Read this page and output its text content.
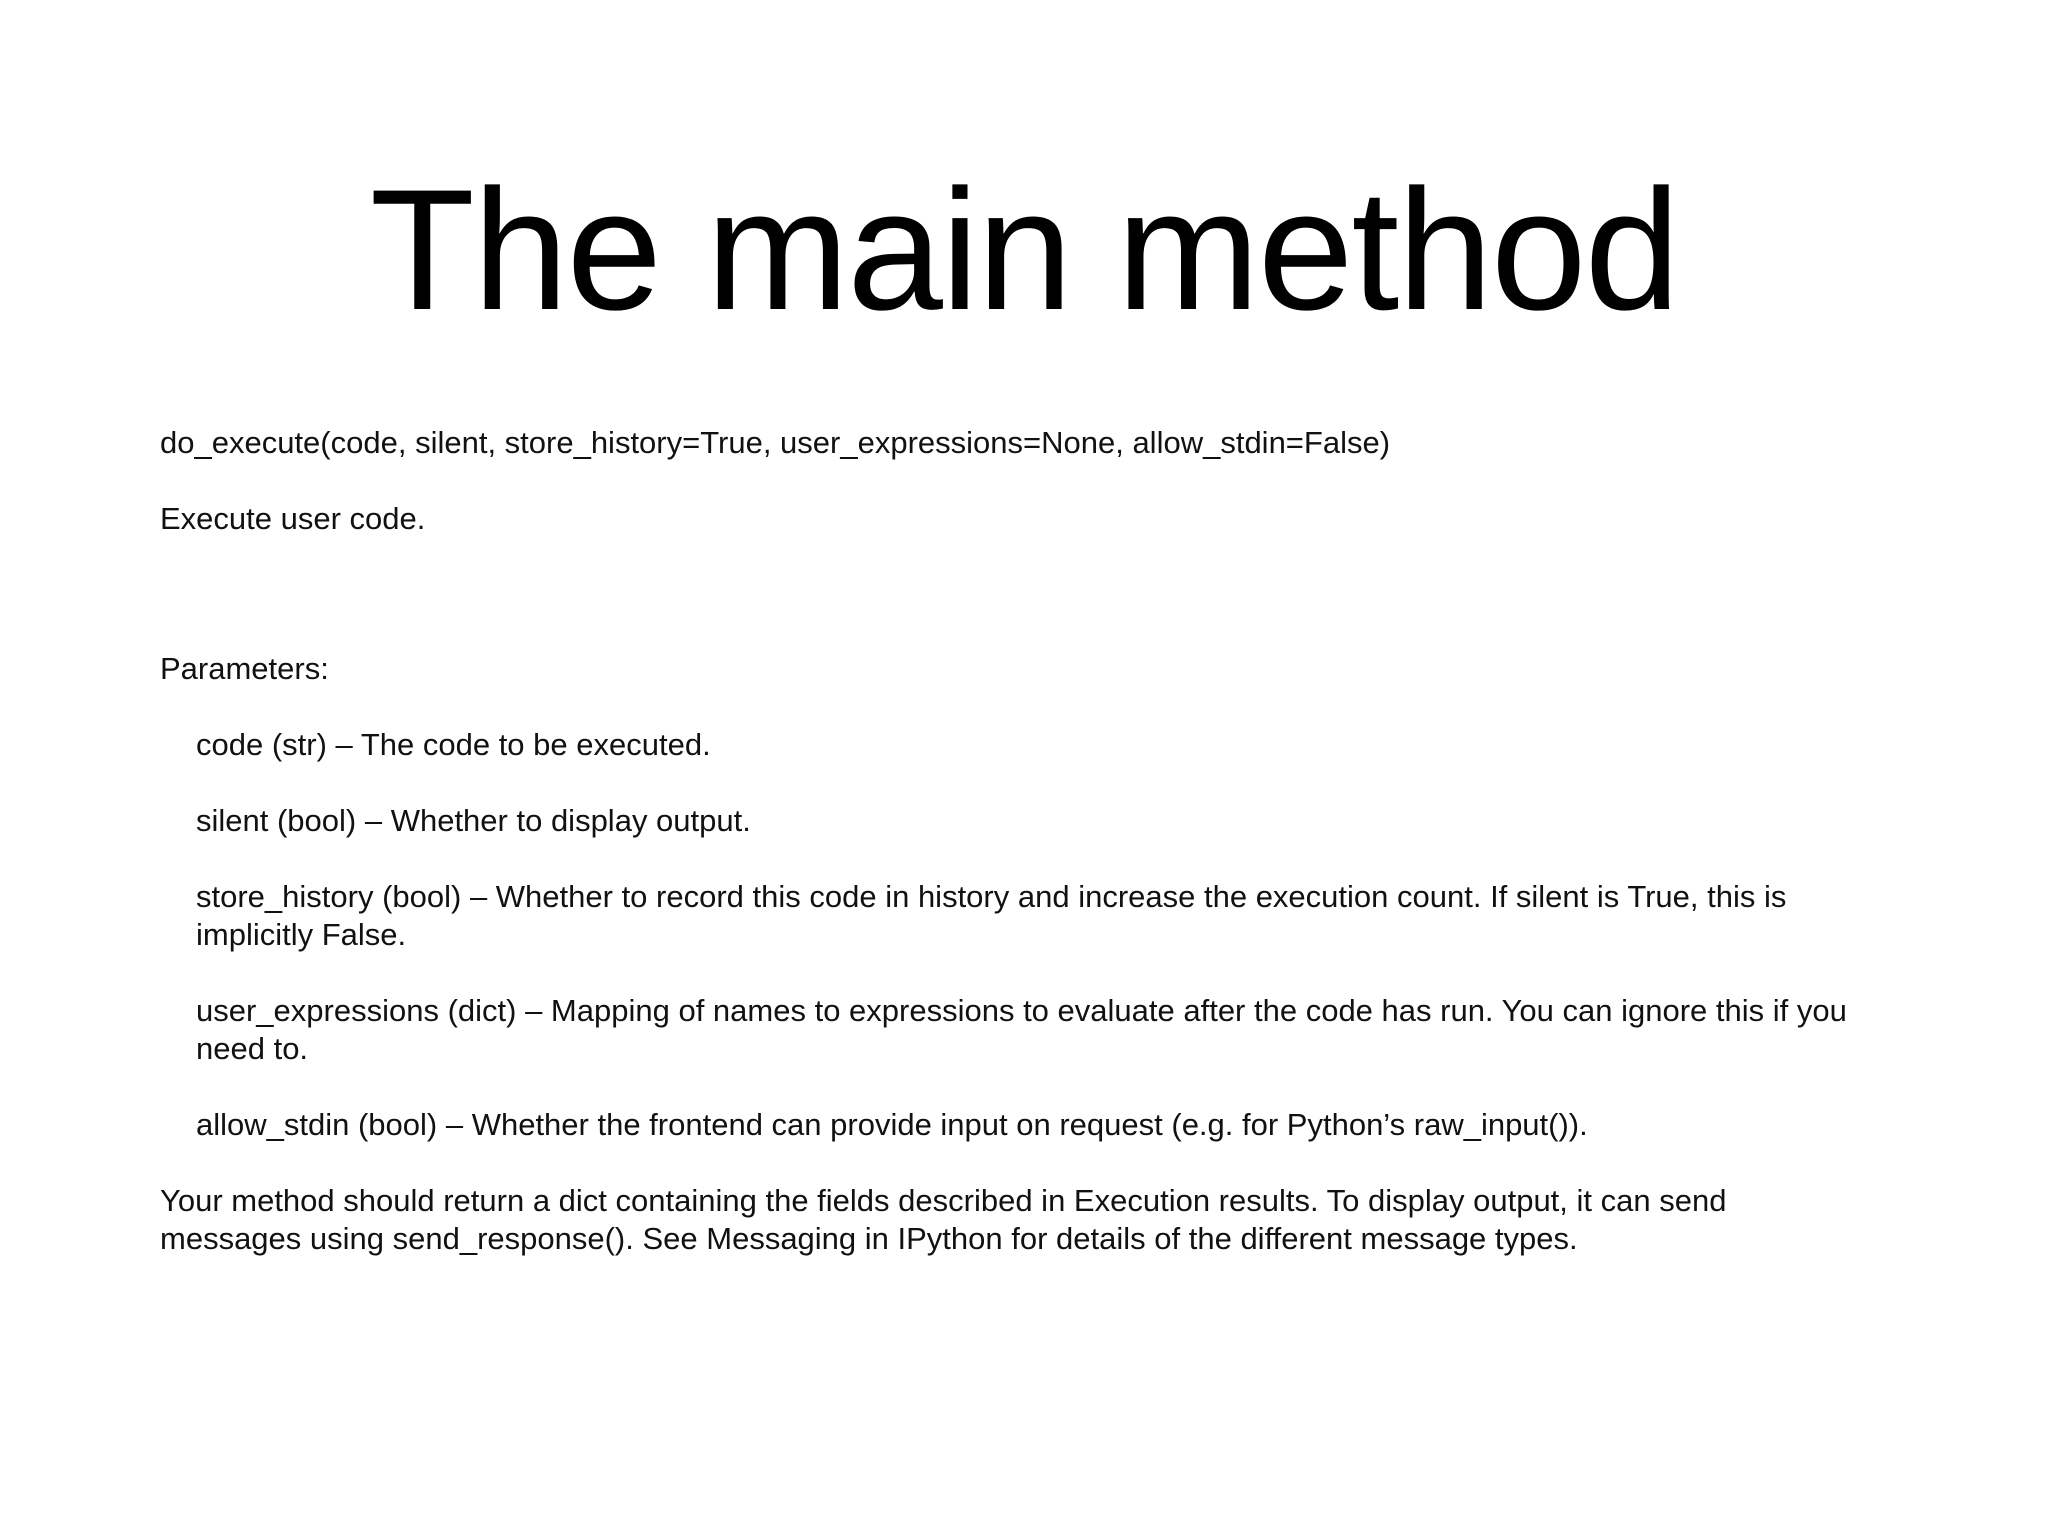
The main method

do_execute(code, silent, store_history=True, user_expressions=None, allow_stdin=False)

Execute user code.

Parameters:

code (str) – The code to be executed.

silent (bool) – Whether to display output.

store_history (bool) – Whether to record this code in history and increase the execution count. If silent is True, this is implicitly False.

user_expressions (dict) – Mapping of names to expressions to evaluate after the code has run. You can ignore this if you need to.

allow_stdin (bool) – Whether the frontend can provide input on request (e.g. for Python’s raw_input()).

Your method should return a dict containing the fields described in Execution results. To display output, it can send messages using send_response(). See Messaging in IPython for details of the different message types.
